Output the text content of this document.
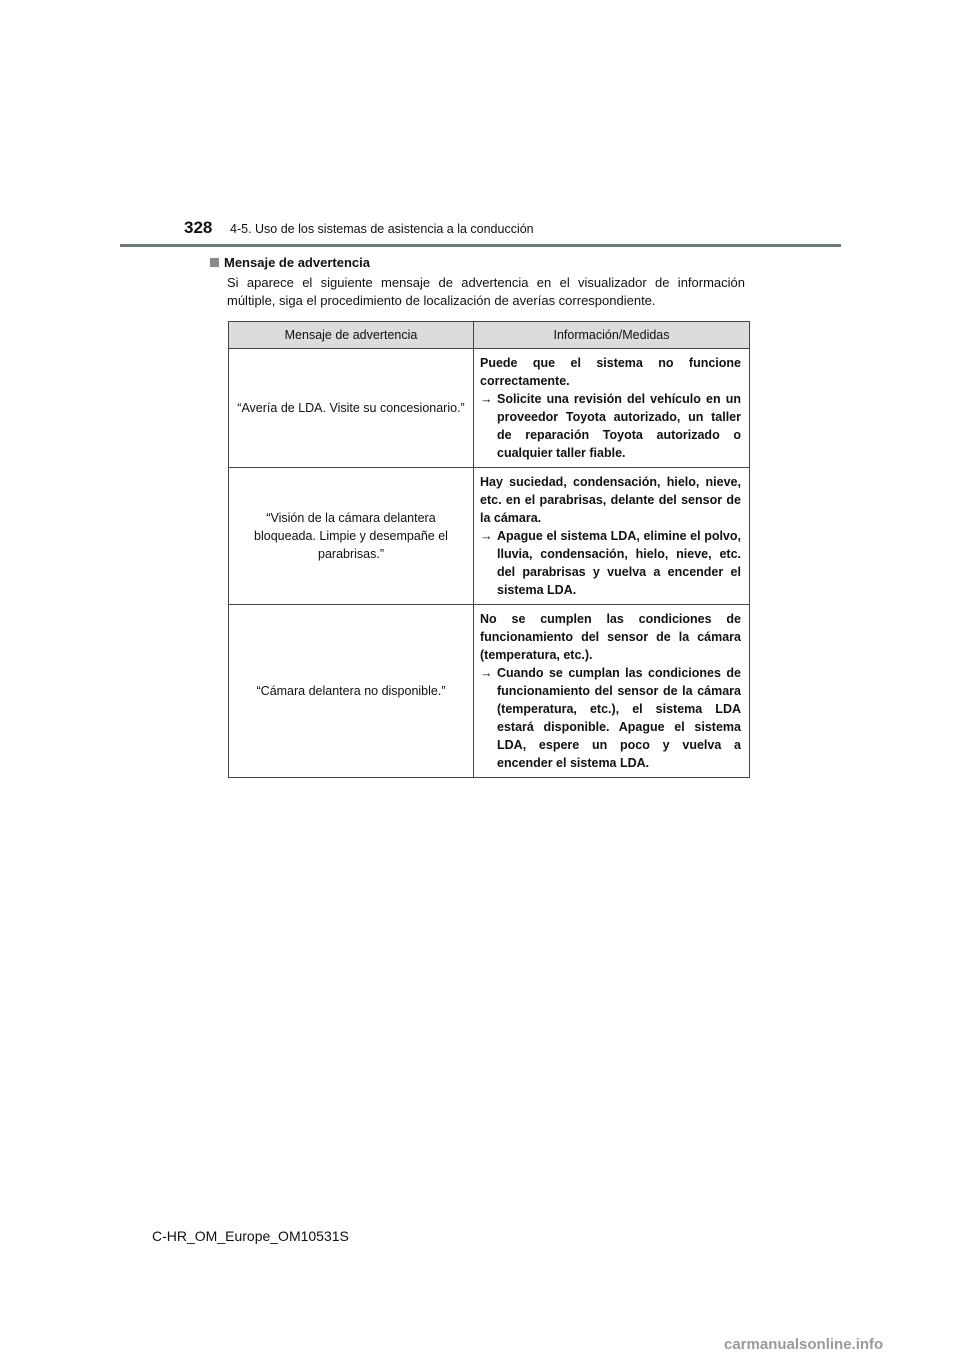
328 4-5. Uso de los sistemas de asistencia a la conducción
Mensaje de advertencia
Si aparece el siguiente mensaje de advertencia en el visualizador de información múltiple, siga el procedimiento de localización de averías correspondiente.
Mensaje de advertencia	Información/Medidas
“Avería de LDA. Visite su concesionario.”	Puede que el sistema no funcione correctamente.
→ Solicite una revisión del vehículo en un proveedor Toyota autorizado, un taller de reparación Toyota autorizado o cualquier taller fiable.

“Visión de la cámara delantera bloqueada. Limpie y desempañe el parabrisas.”	Hay suciedad, condensación, hielo, nieve, etc. en el parabrisas, delante del sensor de la cámara.
→ Apague el sistema LDA, elimine el polvo, lluvia, condensación, hielo, nieve, etc. del parabrisas y vuelva a encender el sistema LDA.

“Cámara delantera no disponible.”	No se cumplen las condiciones de funcionamiento del sensor de la cámara (temperatura, etc.).
→ Cuando se cumplan las condiciones de funcionamiento del sensor de la cámara (temperatura, etc.), el sistema LDA estará disponible. Apague el sistema LDA, espere un poco y vuelva a encender el sistema LDA.
C-HR_OM_Europe_OM10531S
carmanualsonline.info
